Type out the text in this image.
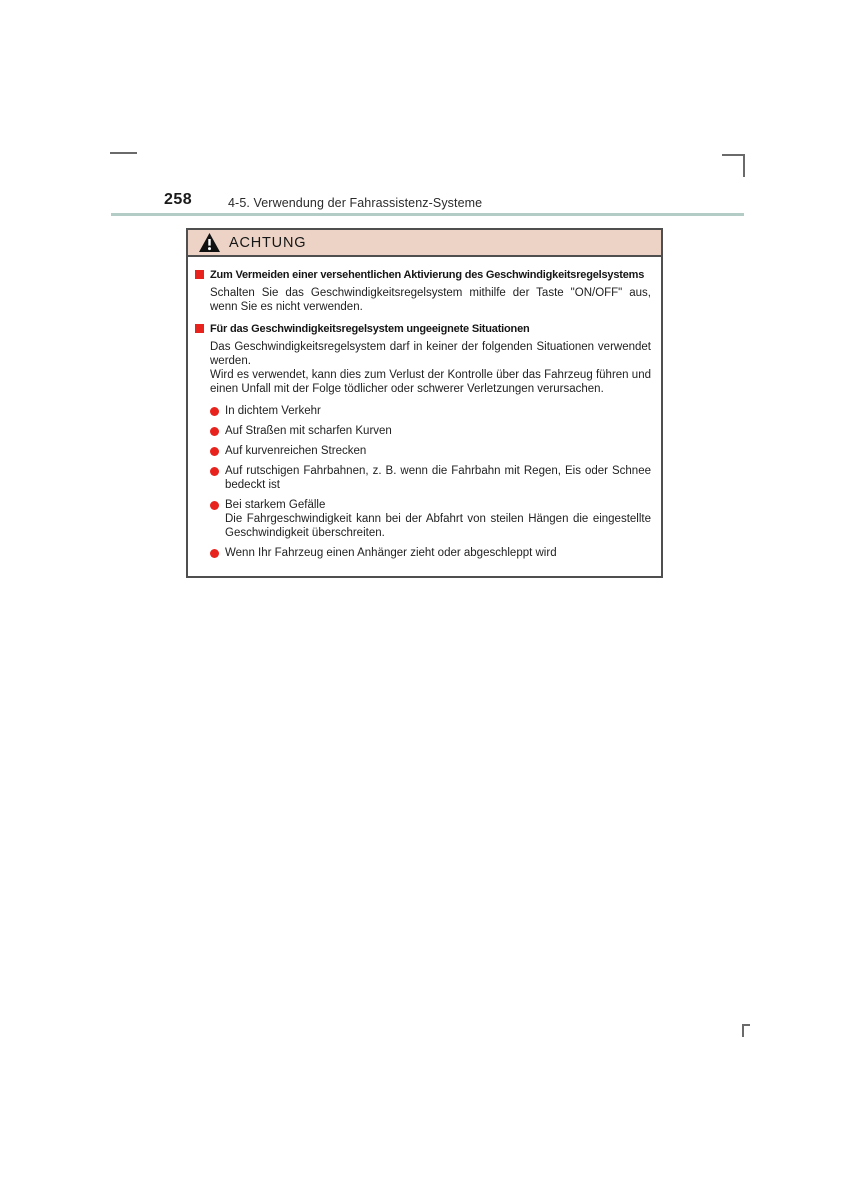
258	4-5. Verwendung der Fahrassistenz-Systeme
ACHTUNG
Zum Vermeiden einer versehentlichen Aktivierung des Geschwindigkeitsregelsystems
Schalten Sie das Geschwindigkeitsregelsystem mithilfe der Taste "ON/OFF" aus, wenn Sie es nicht verwenden.
Für das Geschwindigkeitsregelsystem ungeeignete Situationen
Das Geschwindigkeitsregelsystem darf in keiner der folgenden Situationen verwendet werden.
Wird es verwendet, kann dies zum Verlust der Kontrolle über das Fahrzeug führen und einen Unfall mit der Folge tödlicher oder schwerer Verletzungen verursachen.
In dichtem Verkehr
Auf Straßen mit scharfen Kurven
Auf kurvenreichen Strecken
Auf rutschigen Fahrbahnen, z. B. wenn die Fahrbahn mit Regen, Eis oder Schnee bedeckt ist
Bei starkem Gefälle
Die Fahrgeschwindigkeit kann bei der Abfahrt von steilen Hängen die eingestellte Geschwindigkeit überschreiten.
Wenn Ihr Fahrzeug einen Anhänger zieht oder abgeschleppt wird
